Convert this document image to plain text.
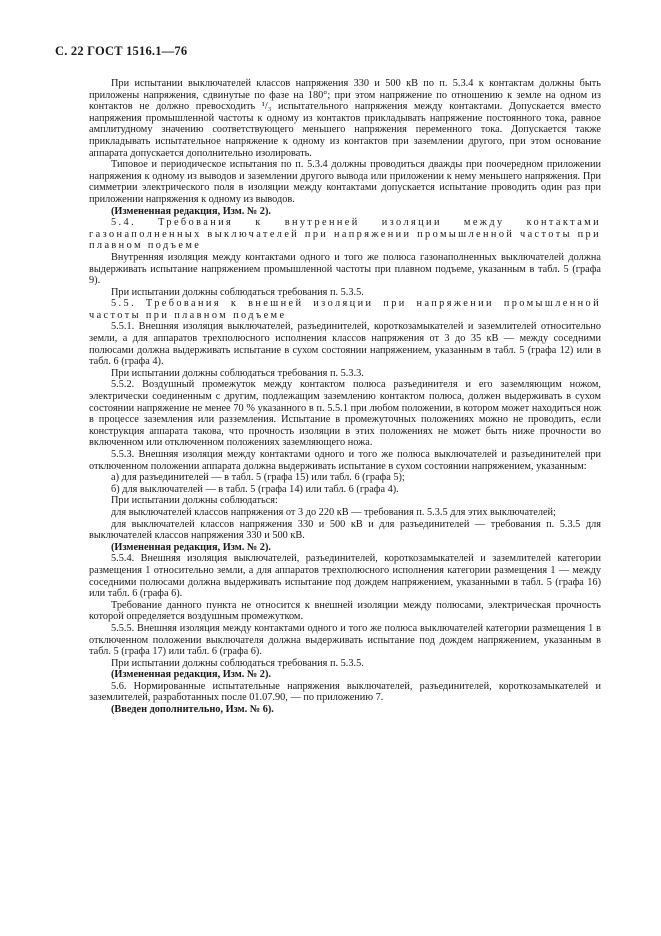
С. 22 ГОСТ 1516.1—76

При испытании выключателей классов напряжения 330 и 500 кВ по п. 5.3.4 к контактам должны быть приложены напряжения, сдвинутые по фазе на 180°; при этом напряжение по отношению к земле на одном из контактов не должно превосходить ¹/₃ испытательного напряжения между контактами. Допускается вместо напряжения промышленной частоты к одному из контактов прикладывать напряжение постоянного тока, равное амплитудному значению соответствующего меньшего напряжения переменного тока. Допускается также прикладывать испытательное напряжение к одному из контактов при заземлении другого, при этом основание аппарата допускается дополнительно изолировать.

Типовое и периодическое испытания по п. 5.3.4 должны проводиться дважды при поочередном приложении напряжения к одному из выводов и заземлении другого вывода или приложении к нему меньшего напряжения. При симметрии электрического поля в изоляции между контактами допускается испытание проводить один раз при приложении напряжения к одному из выводов.

(Измененная редакция, Изм. № 2).

5.4. Требования к внутренней изоляции между контактами газонаполненных выключателей при напряжении промышленной частоты при плавном подъеме

Внутренняя изоляция между контактами одного и того же полюса газонаполненных выключателей должна выдерживать испытание напряжением промышленной частоты при плавном подъеме, указанным в табл. 5 (графа 9).

При испытании должны соблюдаться требования п. 5.3.5.

5.5. Требования к внешней изоляции при напряжении промышленной частоты при плавном подъеме

5.5.1. Внешняя изоляция выключателей, разъединителей, короткозамыкателей и заземлителей относительно земли, а для аппаратов трехполюсного исполнения классов напряжения от 3 до 35 кВ — между соседними полюсами должна выдерживать испытание в сухом состоянии напряжением, указанным в табл. 5 (графа 12) или в табл. 6 (графа 4).

При испытании должны соблюдаться требования п. 5.3.3.

5.5.2. Воздушный промежуток между контактом полюса разъединителя и его заземляющим ножом, электрически соединенным с другим, подлежащим заземлению контактом полюса, должен выдерживать в сухом состоянии напряжение не менее 70 % указанного в п. 5.5.1 при любом положении, в котором может находиться нож в процессе заземления или разземления. Испытание в промежуточных положениях можно не проводить, если конструкция аппарата такова, что прочность изоляции в этих положениях не может быть ниже прочности во включенном или отключенном положениях заземляющего ножа.

5.5.3. Внешняя изоляция между контактами одного и того же полюса выключателей и разъединителей при отключенном положении аппарата должна выдерживать испытание в сухом состоянии напряжением, указанным:

а) для разъединителей — в табл. 5 (графа 15) или табл. 6 (графа 5);

б) для выключателей — в табл. 5 (графа 14) или табл. 6 (графа 4).

При испытании должны соблюдаться:

для выключателей классов напряжения от 3 до 220 кВ — требования п. 5.3.5 для этих выключателей;

для выключателей классов напряжения 330 и 500 кВ и для разъединителей — требования п. 5.3.5 для выключателей классов напряжения 330 и 500 кВ.

(Измененная редакция, Изм. № 2).

5.5.4. Внешняя изоляция выключателей, разъединителей, короткозамыкателей и заземлителей категории размещения 1 относительно земли, а для аппаратов трехполюсного исполнения категории размещения 1 — между соседними полюсами должна выдерживать испытание под дождем напряжением, указанными в табл. 5 (графа 16) или табл. 6 (графа 6).

Требование данного пункта не относится к внешней изоляции между полюсами, электрическая прочность которой определяется воздушным промежутком.

5.5.5. Внешняя изоляция между контактами одного и того же полюса выключателей категории размещения 1 в отключенном положении выключателя должна выдерживать испытание под дождем напряжением, указанным в табл. 5 (графа 17) или табл. 6 (графа 6).

При испытании должны соблюдаться требования п. 5.3.5.

(Измененная редакция, Изм. № 2).

5.6. Нормированные испытательные напряжения выключателей, разъединителей, короткозамыкателей и заземлителей, разработанных после 01.07.90, — по приложению 7.

(Введен дополнительно, Изм. № 6).
